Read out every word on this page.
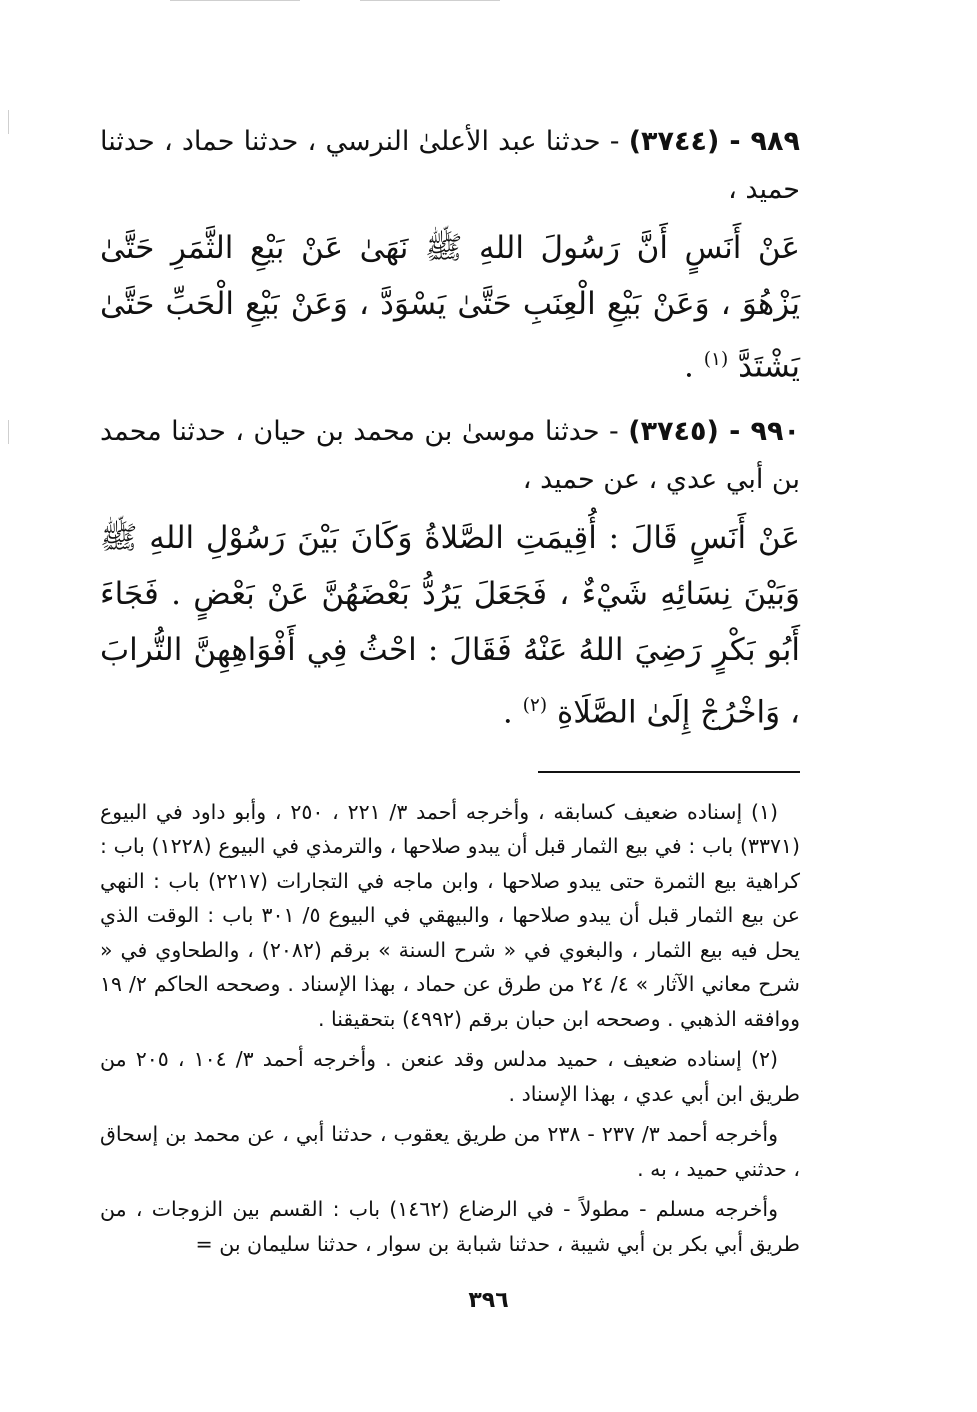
٩٨٩ - (٣٧٤٤) - حدثنا عبد الأعلىٰ النرسي ، حدثنا حماد ، حدثنا حميد ،

عَنْ أَنَسٍ أَنَّ رَسُولَ اللهِ ﷺ نَهَىٰ عَنْ بَيْعِ الثَّمَرِ حَتَّىٰ يَزْهُوَ ، وَعَنْ بَيْعِ الْعِنَبِ حَتَّىٰ يَسْوَدَّ ، وَعَنْ بَيْعِ الْحَبِّ حَتَّىٰ يَشْتَدَّ $^{(١)}$ .

٩٩٠ - (٣٧٤٥) - حدثنا موسىٰ بن محمد بن حيان ، حدثنا محمد بن أبي عدي ، عن حميد ،

عَنْ أَنَسٍ قَالَ : أُقِيمَتِ الصَّلاةُ وَكَانَ بَيْنَ رَسُوْلِ اللهِ ﷺ وَبَيْنَ نِسَائِهِ شَيْءٌ ، فَجَعَلَ يَرُدُّ بَعْضَهُنَّ عَنْ بَعْضٍ . فَجَاءَ أَبُو بَكْرٍ رَضِيَ اللهُ عَنْهُ فَقَالَ : احْثُ فِي أَفْوَاهِهِنَّ التُّرابَ ، وَاخْرُجْ إِلَىٰ الصَّلَاةِ $^{(٢)}$ .

(١) إسناده ضعيف كسابقه ، وأخرجه أحمد ٣/ ٢٢١ ، ٢٥٠ ، وأبو داود في البيوع (٣٣٧١) باب : في بيع الثمار قبل أن يبدو صلاحها ، والترمذي في البيوع (١٢٢٨) باب : كراهية بيع الثمرة حتى يبدو صلاحها ، وابن ماجه في التجارات (٢٢١٧) باب : النهي عن بيع الثمار قبل أن يبدو صلاحها ، والبيهقي في البيوع ٥/ ٣٠١ باب : الوقت الذي يحل فيه بيع الثمار ، والبغوي في « شرح السنة » برقم (٢٠٨٢) ، والطحاوي في « شرح معاني الآثار » ٤/ ٢٤ من طرق عن حماد ، بهذا الإسناد . وصححه الحاكم ٢/ ١٩ ووافقه الذهبي . وصححه ابن حبان برقم (٤٩٩٢) بتحقيقنا .

(٢) إسناده ضعيف ، حميد مدلس وقد عنعن . وأخرجه أحمد ٣/ ١٠٤ ، ٢٠٥ من طريق ابن أبي عدي ، بهذا الإسناد .

وأخرجه أحمد ٣/ ٢٣٧ - ٢٣٨ من طريق يعقوب ، حدثنا أبي ، عن محمد بن إسحاق ، حدثني حميد ، به .

وأخرجه مسلم - مطولاً - في الرضاع (١٤٦٢) باب : القسم بين الزوجات ، من طريق أبي بكر بن أبي شيبة ، حدثنا شبابة بن سوار ، حدثنا سليمان بن =

٣٩٦
